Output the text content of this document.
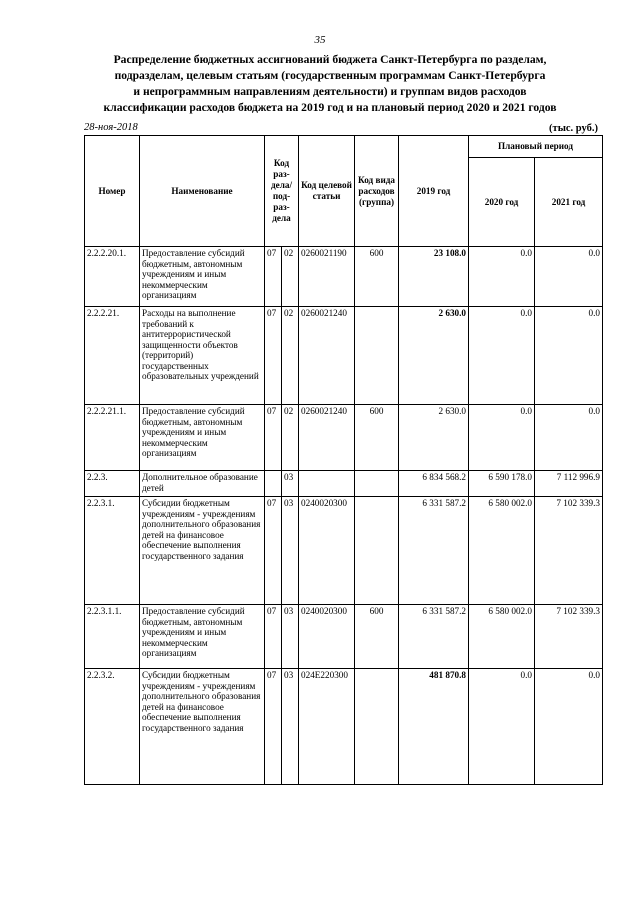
35
Распределение бюджетных ассигнований бюджета Санкт-Петербурга по разделам,
подразделам, целевым статьям (государственным программам Санкт-Петербурга
и непрограммным направлениям деятельности) и группам видов расходов
классификации расходов бюджета на 2019 год и на плановый период 2020 и 2021 годов
28-ноя-2018	(тыс. руб.)
Номер	Наименование	Код раз-дела/ под-раз-дела		Код целевой статьи	Код вида расходов (группа)	2019 год	Плановый период	
							2020 год	2021 год
2.2.2.20.1.	Предоставление субсидий бюджетным, автономным учреждениям и иным некоммерческим организациям	07	02	0260021190	600	23 108.0	0.0	0.0
2.2.2.21.	Расходы на выполнение требований к антитеррористической защищенности объектов (территорий) государственных образовательных учреждений	07	02	0260021240		2 630.0	0.0	0.0
2.2.2.21.1.	Предоставление субсидий бюджетным, автономным учреждениям и иным некоммерческим организациям	07	02	0260021240	600	2 630.0	0.0	0.0
2.2.3.	Дополнительное образование детей		03			6 834 568.2	6 590 178.0	7 112 996.9
2.2.3.1.	Субсидии бюджетным учреждениям - учреждениям дополнительного образования детей на финансовое обеспечение выполнения государственного задания	07	03	0240020300		6 331 587.2	6 580 002.0	7 102 339.3
2.2.3.1.1.	Предоставление субсидий бюджетным, автономным учреждениям и иным некоммерческим организациям	07	03	0240020300	600	6 331 587.2	6 580 002.0	7 102 339.3
2.2.3.2.	Субсидии бюджетным учреждениям - учреждениям дополнительного образования детей на финансовое обеспечение выполнения государственного задания	07	03	024E220300		481 870.8	0.0	0.0
